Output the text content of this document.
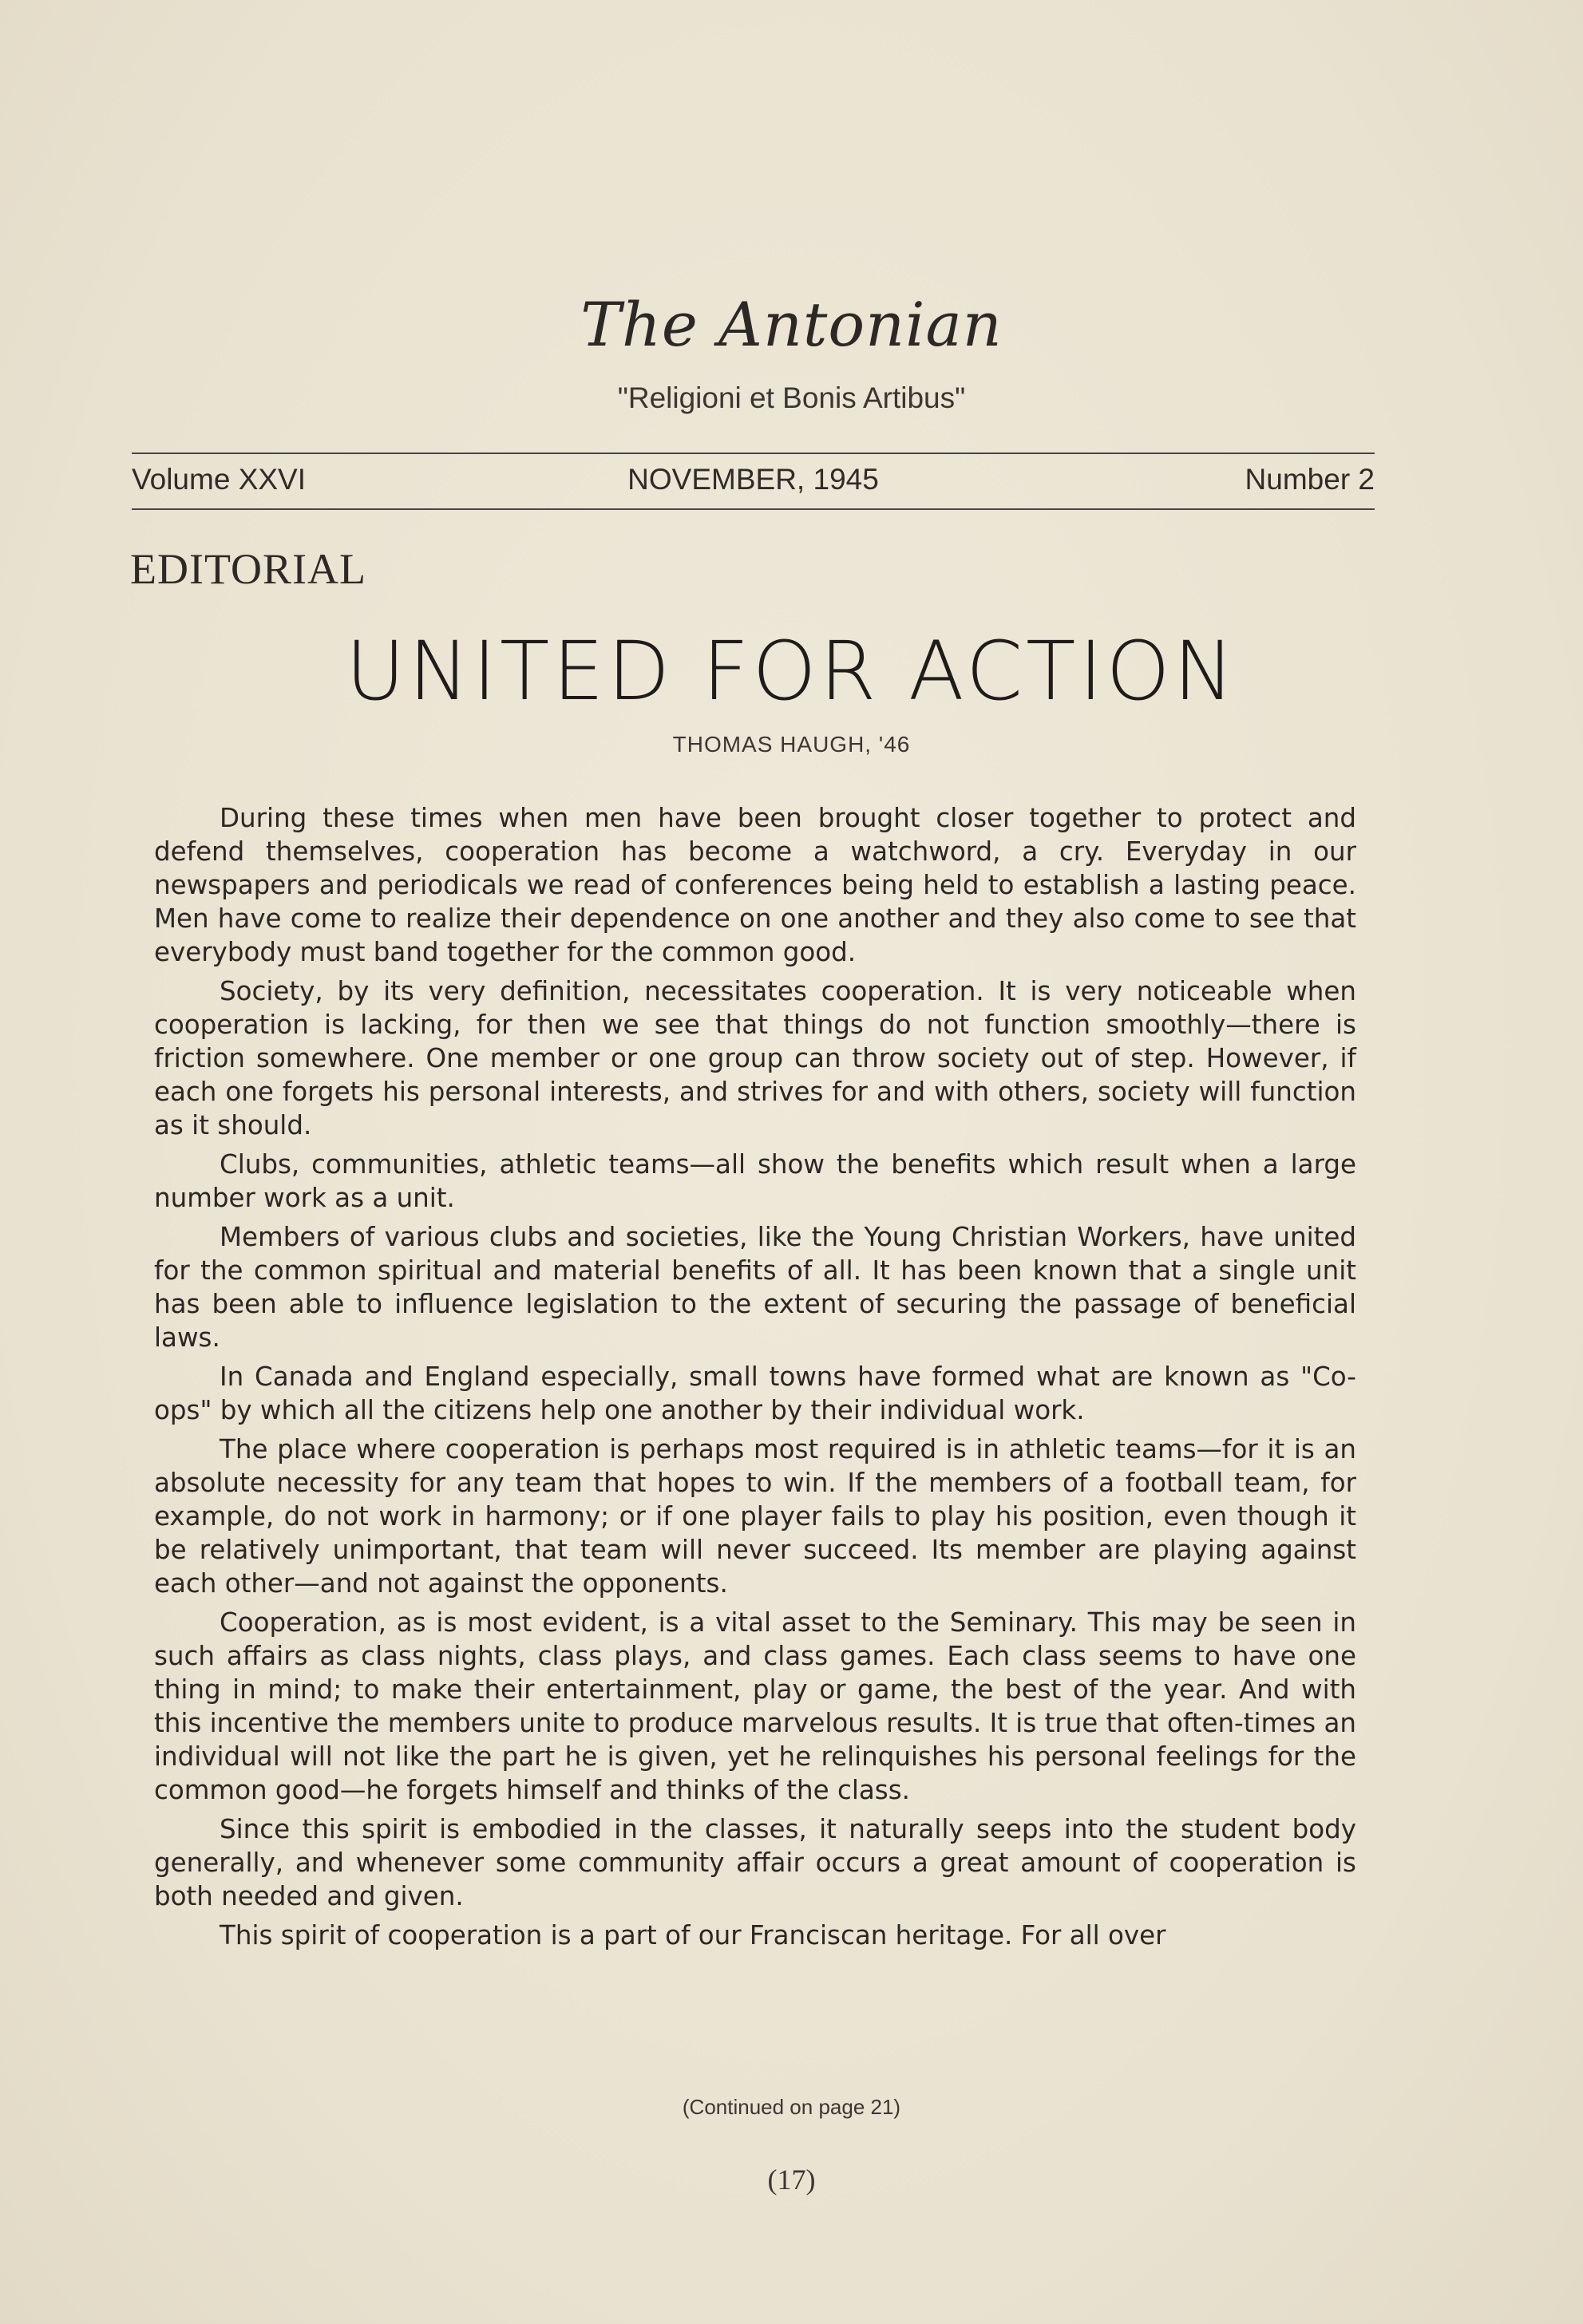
The Antonian
"Religioni et Bonis Artibus"
Volume XXVI	NOVEMBER, 1945	Number 2
EDITORIAL
UNITED FOR ACTION
THOMAS HAUGH, '46

During these times when men have been brought closer together to protect and defend themselves, cooperation has become a watchword, a cry. Everyday in our newspapers and periodicals we read of conferences being held to establish a lasting peace. Men have come to realize their dependence on one another and they also come to see that everybody must band together for the common good.

Society, by its very definition, necessitates cooperation. It is very noticeable when cooperation is lacking, for then we see that things do not function smoothly—there is friction somewhere. One member or one group can throw society out of step. However, if each one forgets his personal interests, and strives for and with others, society will function as it should.

Clubs, communities, athletic teams—all show the benefits which result when a large number work as a unit.

Members of various clubs and societies, like the Young Christian Workers, have united for the common spiritual and material benefits of all. It has been known that a single unit has been able to influence legislation to the extent of securing the passage of beneficial laws.

In Canada and England especially, small towns have formed what are known as "Co-ops" by which all the citizens help one another by their individual work.

The place where cooperation is perhaps most required is in athletic teams—for it is an absolute necessity for any team that hopes to win. If the members of a football team, for example, do not work in harmony; or if one player fails to play his position, even though it be relatively unimportant, that team will never succeed. Its member are playing against each other—and not against the opponents.

Cooperation, as is most evident, is a vital asset to the Seminary. This may be seen in such affairs as class nights, class plays, and class games. Each class seems to have one thing in mind; to make their entertainment, play or game, the best of the year. And with this incentive the members unite to produce marvelous results. It is true that often-times an individual will not like the part he is given, yet he relinquishes his personal feelings for the common good—he forgets himself and thinks of the class.

Since this spirit is embodied in the classes, it naturally seeps into the student body generally, and whenever some community affair occurs a great amount of cooperation is both needed and given.

This spirit of cooperation is a part of our Franciscan heritage. For all over

(Continued on page 21)
(17)
